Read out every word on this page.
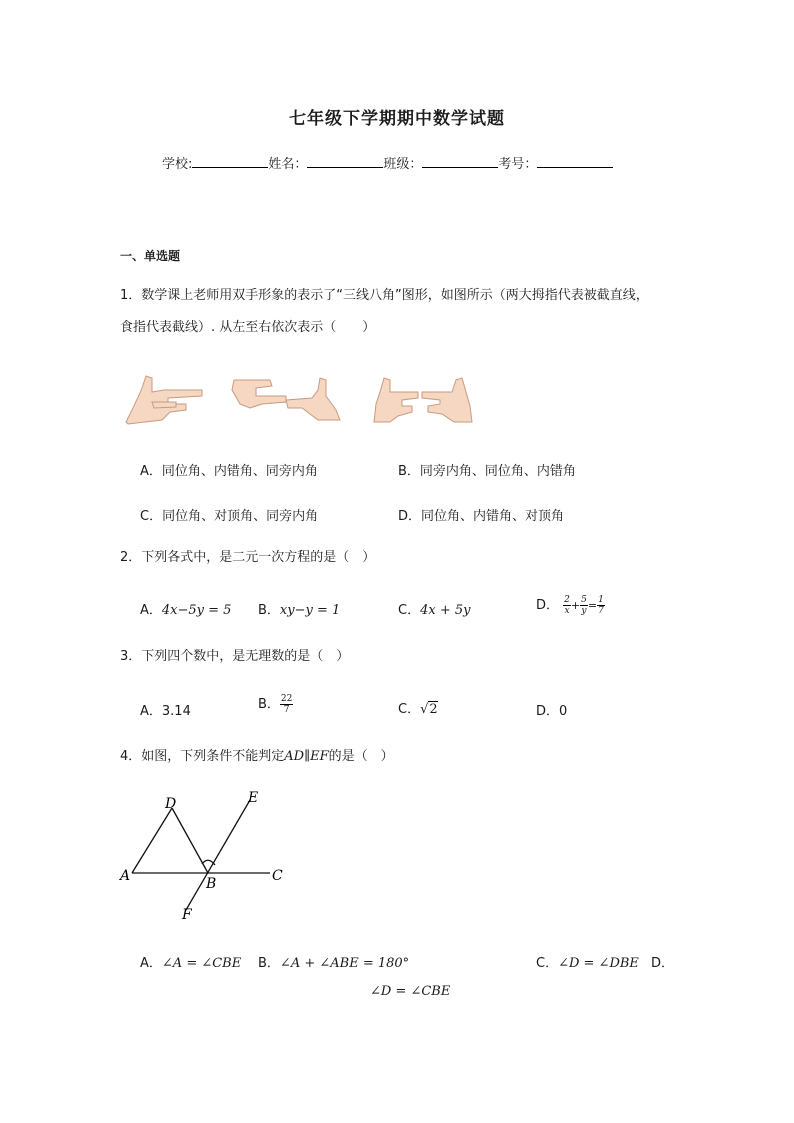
七年级下学期期中数学试题
学校:	姓名：	班级：	考号：
一、单选题
1．数学课上老师用双手形象的表示了“三线八角”图形，如图所示（两大拇指代表被截直线，
食指代表截线）. 从左至右依次表示（　　）
A．同位角、内错角、同旁内角	B．同旁内角、同位角、内错角
C．同位角、对顶角、同旁内角	D．同位角、内错角、对顶角
2．下列各式中，是二元一次方程的是（　）
A．4x−5y = 5 B．xy−y = 1	C．4x + 5y	D． $\frac{2}{x} + \frac{5}{y} = \frac{1}{7}$
3．下列四个数中，是无理数的是（　）
A．3.14	B． $\frac{22}{7}$	C．√2	D．0
4．如图，下列条件不能判定AD∥EF的是（　）
D	E
A	B	C
F
A．∠A = ∠CBE B．∠A + ∠ABE = 180°	C．∠D = ∠DBE D．
∠D = ∠CBE
